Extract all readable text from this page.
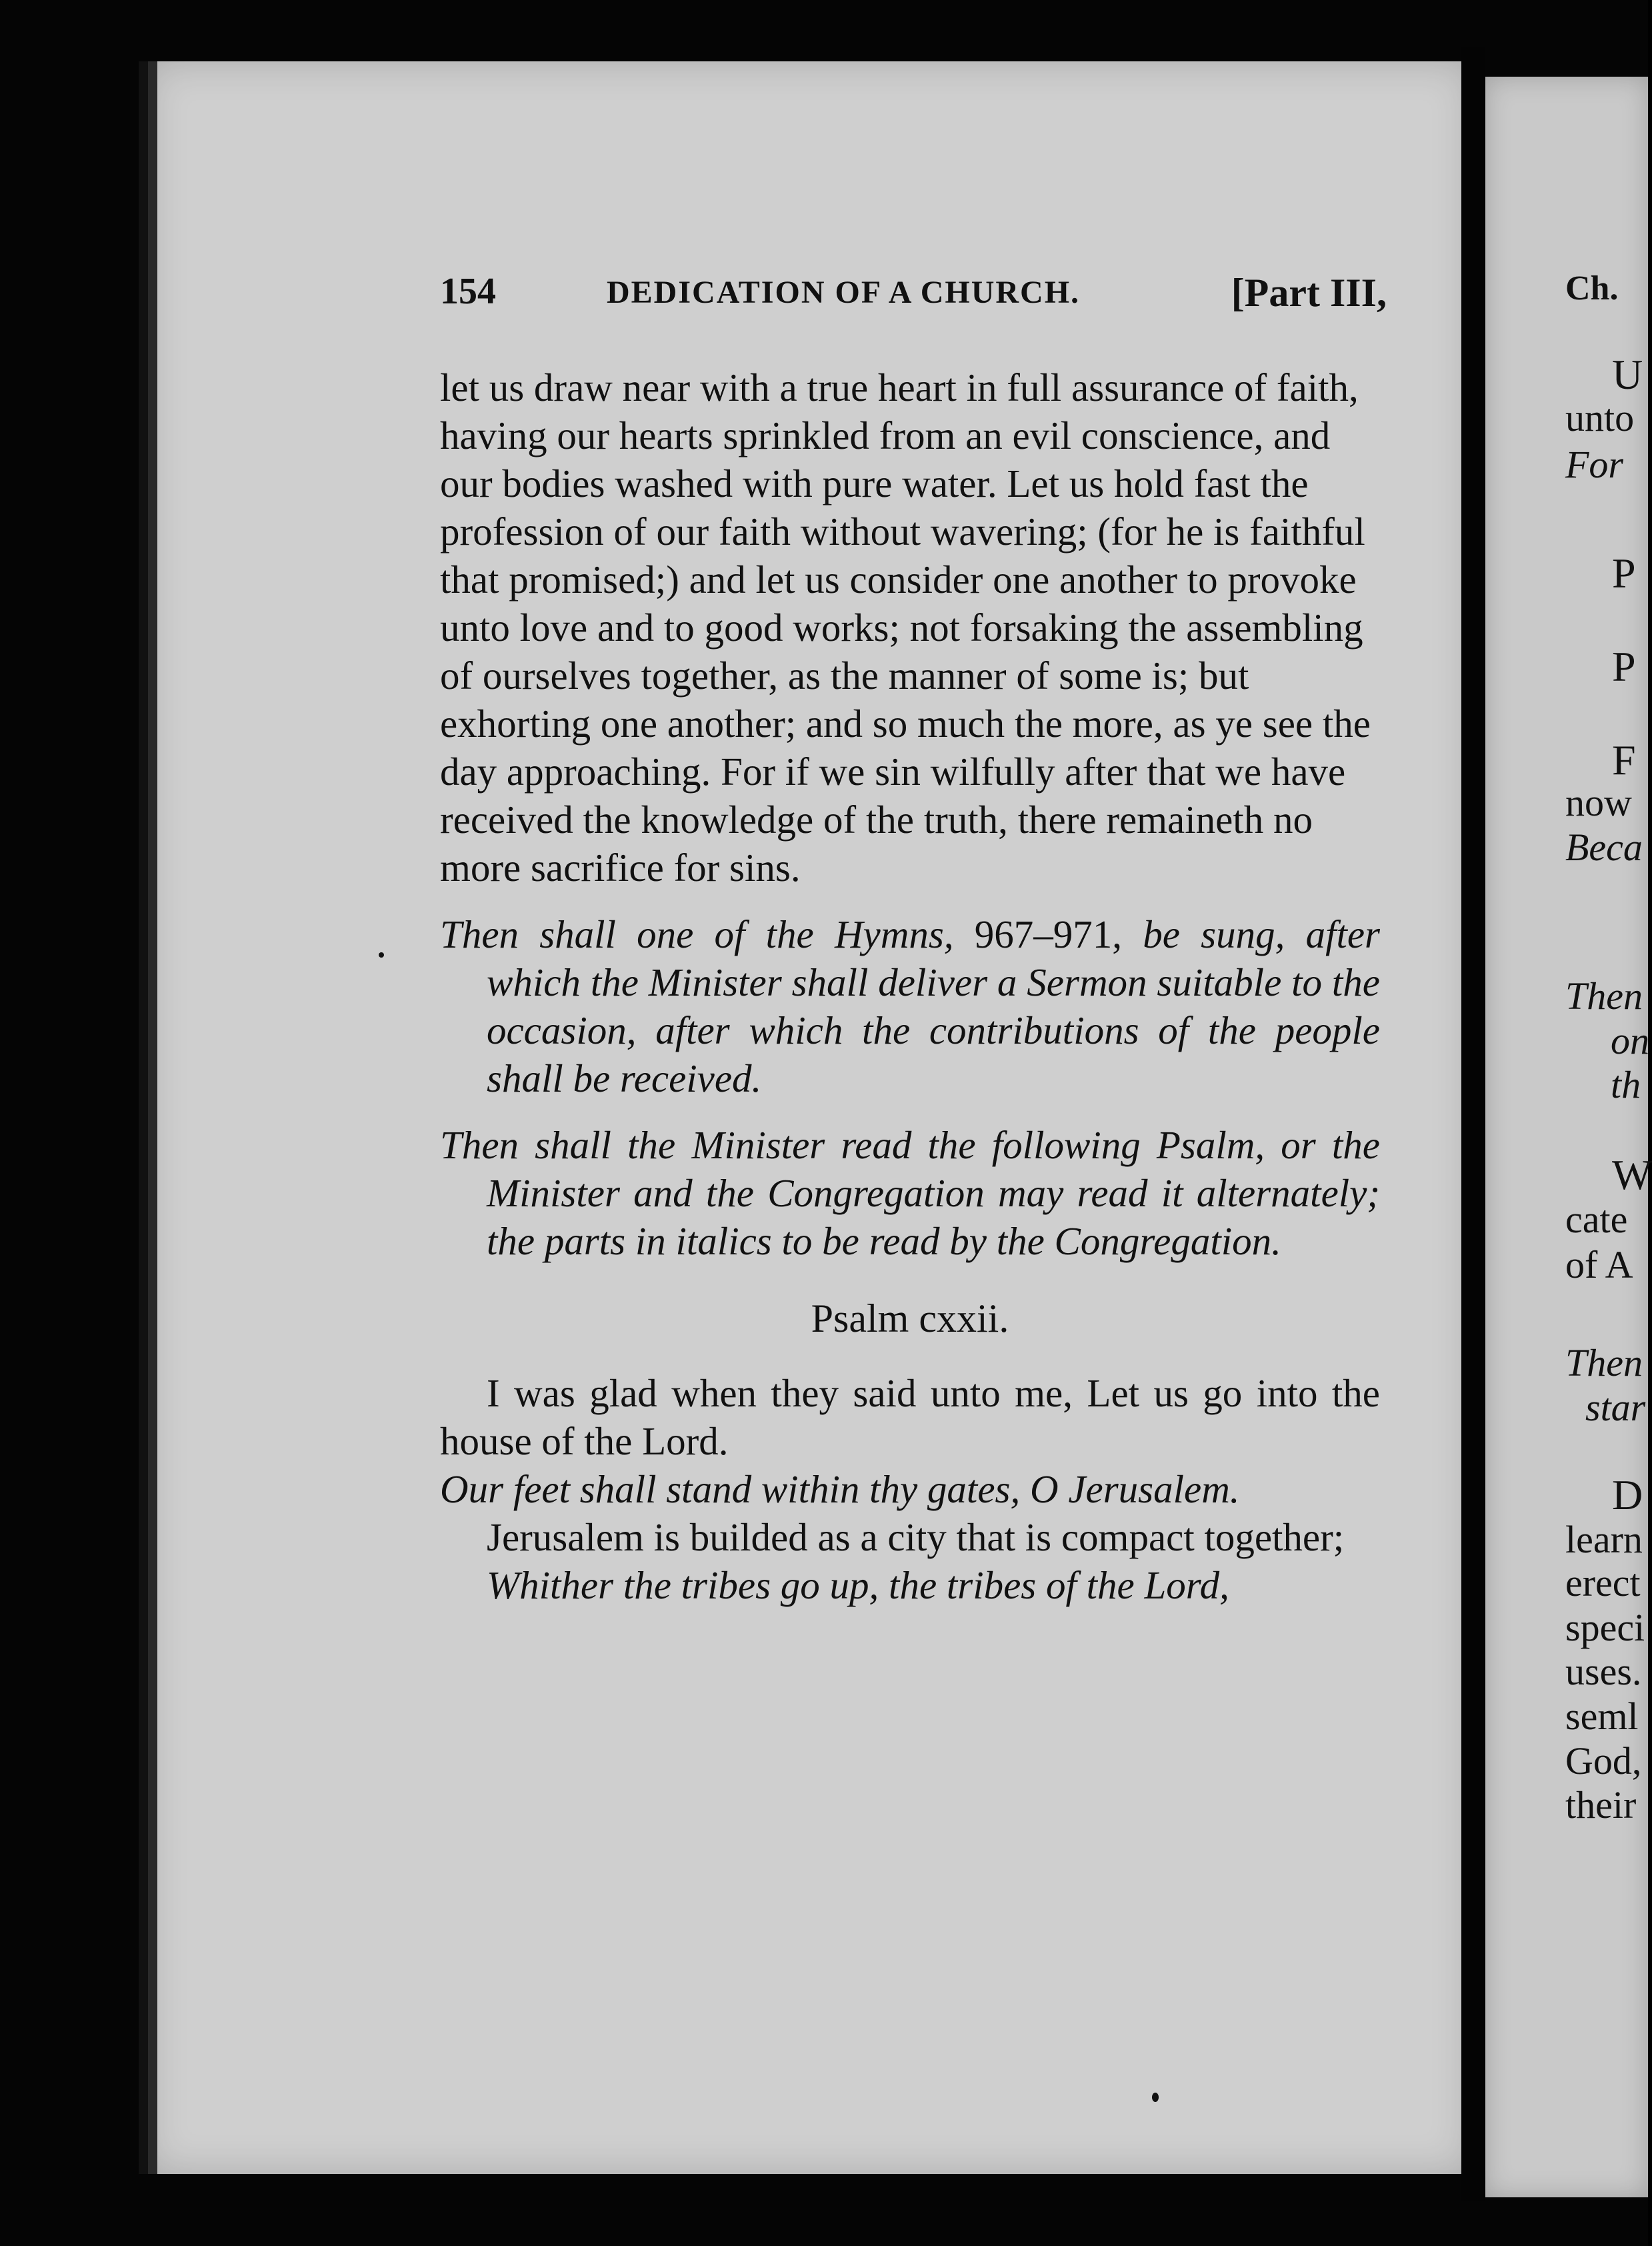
Ch.
U
unto
For
P
P
F
now
Beca
Then
on
th
W
cate
of A
Then
star
D
learn
erect
speci
uses.
seml
God,
their
154	DEDICATION OF A CHURCH.	[Part III,

let us draw near with a true heart in full assurance of faith, having our hearts sprinkled from an evil conscience, and our bodies washed with pure water. Let us hold fast the profession of our faith without wavering; (for he is faithful that promised;) and let us consider one another to provoke unto love and to good works; not forsaking the assembling of ourselves together, as the manner of some is; but exhorting one another; and so much the more, as ye see the day approaching. For if we sin wilfully after that we have received the knowledge of the truth, there remaineth no more sacrifice for sins.

Then shall one of the Hymns, 967–971, be sung, after which the Minister shall deliver a Sermon suitable to the occasion, after which the contributions of the people shall be received.

Then shall the Minister read the following Psalm, or the Minister and the Congregation may read it alternately; the parts in italics to be read by the Congregation.

Psalm cxxii.

I was glad when they said unto me, Let us go into the house of the Lord.

Our feet shall stand within thy gates, O Jerusalem.

Jerusalem is builded as a city that is compact together;

Whither the tribes go up, the tribes of the Lord,
